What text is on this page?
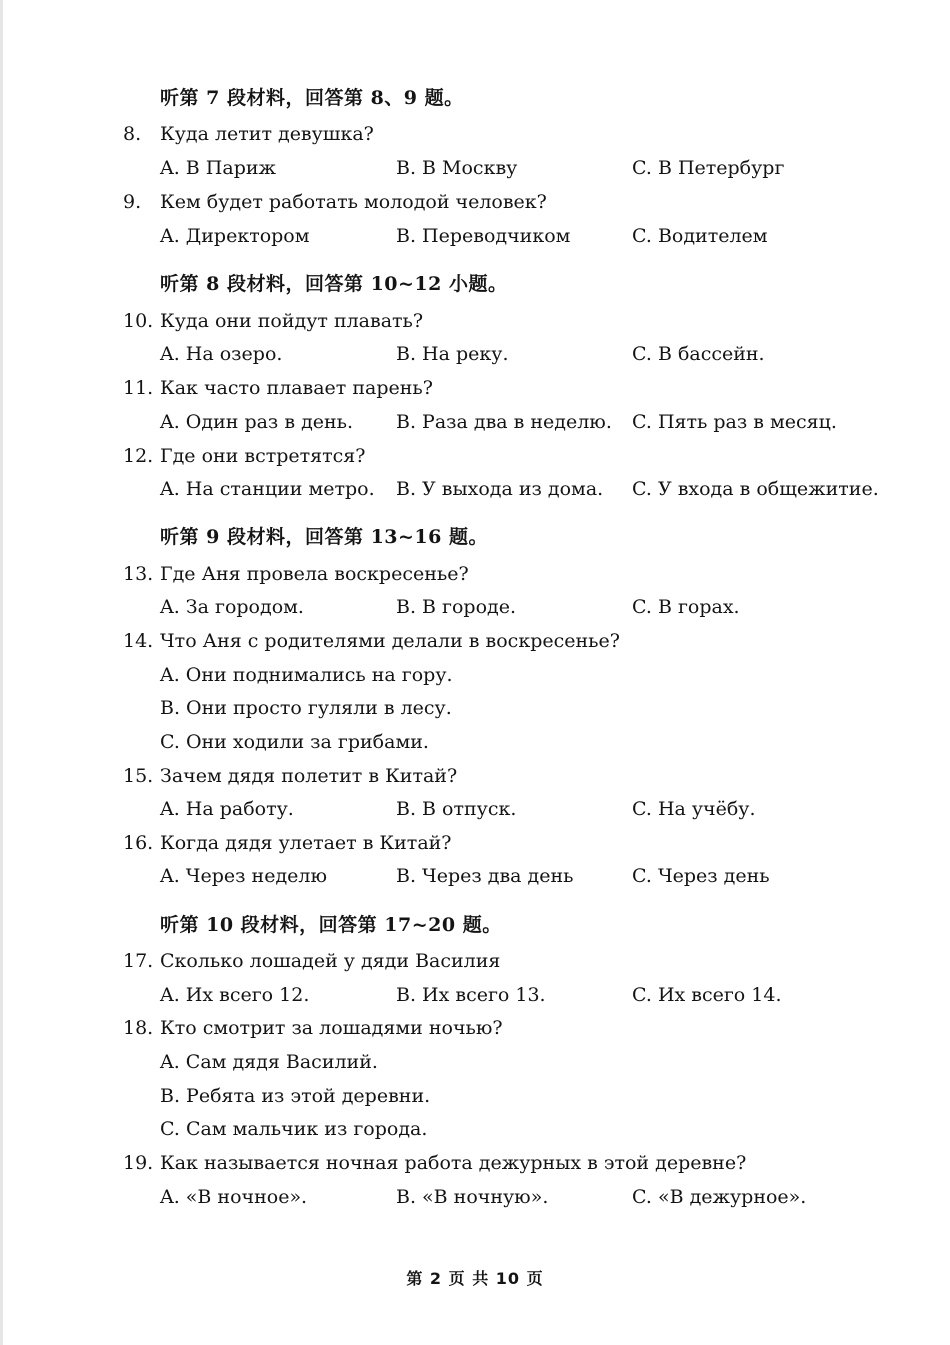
听第 7 段材料，回答第 8、9 题。
8. Куда летит девушка?
A. В Париж	B. В Москву	C. В Петербург
9. Кем будет работать молодой человек?
A. Директором	B. Переводчиком	C. Водителем
听第 8 段材料，回答第 10~12 小题。
10. Куда они пойдут плавать?
A. На озеро.	B. На реку.	C. В бассейн.
11. Как часто плавает парень?
A. Один раз в день. B. Раза два в неделю. C. Пять раз в месяц.
12. Где они встретятся?
A. На станции метро. B. У выхода из дома. C. У входа в общежитие.
听第 9 段材料，回答第 13~16 题。
13. Где Аня провела воскресенье?
A. За городом.	B. В городе.	C. В горах.
14. Что Аня с родителями делали в воскресенье?
A. Они поднимались на гору.
B. Они просто гуляли в лесу.
C. Они ходили за грибами.
15. Зачем дядя полетит в Китай?
A. На работу.	B. В отпуск.	C. На учёбу.
16. Когда дядя улетает в Китай?
A. Через неделю	B. Через два день	C. Через день
听第 10 段材料，回答第 17~20 题。
17. Сколько лошадей у дяди Василия
A. Их всего 12.	B. Их всего 13.	C. Их всего 14.
18. Кто смотрит за лошадями ночью?
A. Сам дядя Василий.
B. Ребята из этой деревни.
C. Сам мальчик из города.
19. Как называется ночная работа дежурных в этой деревне?
A. «В ночное».	B. «В ночную».	C. «В дежурное».
第 2 页 共 10 页
